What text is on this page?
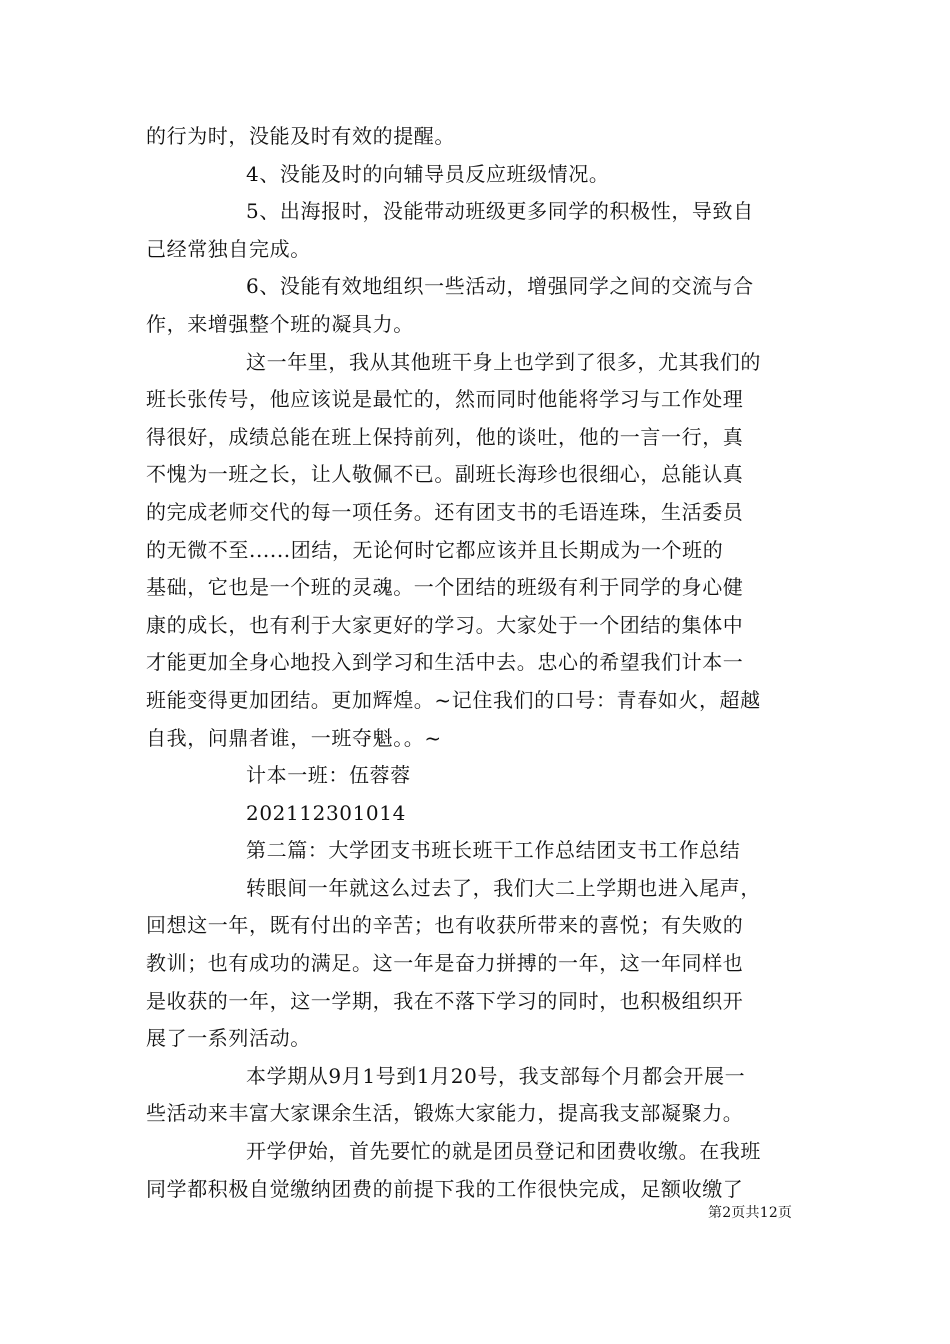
的行为时，没能及时有效的提醒。

4、没能及时的向辅导员反应班级情况。

5、出海报时，没能带动班级更多同学的积极性，导致自
己经常独自完成。

6、没能有效地组织一些活动，增强同学之间的交流与合
作，来增强整个班的凝具力。

这一年里，我从其他班干身上也学到了很多，尤其我们的
班长张传号，他应该说是最忙的，然而同时他能将学习与工作处理
得很好，成绩总能在班上保持前列，他的谈吐，他的一言一行，真
不愧为一班之长，让人敬佩不已。副班长海珍也很细心，总能认真
的完成老师交代的每一项任务。还有团支书的毛语连珠，生活委员
的无微不至......团结，无论何时它都应该并且长期成为一个班的
基础，它也是一个班的灵魂。一个团结的班级有利于同学的身心健
康的成长，也有利于大家更好的学习。大家处于一个团结的集体中
才能更加全身心地投入到学习和生活中去。忠心的希望我们计本一
班能变得更加团结。更加辉煌。~记住我们的口号：青春如火，超越
自我，问鼎者谁，一班夺魁。。~

计本一班：伍蓉蓉

202112301014

第二篇：大学团支书班长班干工作总结团支书工作总结

转眼间一年就这么过去了，我们大二上学期也进入尾声，
回想这一年，既有付出的辛苦；也有收获所带来的喜悦；有失败的
教训；也有成功的满足。这一年是奋力拼搏的一年，这一年同样也
是收获的一年，这一学期，我在不落下学习的同时，也积极组织开
展了一系列活动。

本学期从9月1号到1月20号，我支部每个月都会开展一
些活动来丰富大家课余生活，锻炼大家能力，提高我支部凝聚力。

开学伊始，首先要忙的就是团员登记和团费收缴。在我班
同学都积极自觉缴纳团费的前提下我的工作很快完成，足额收缴了

第2页共12页
